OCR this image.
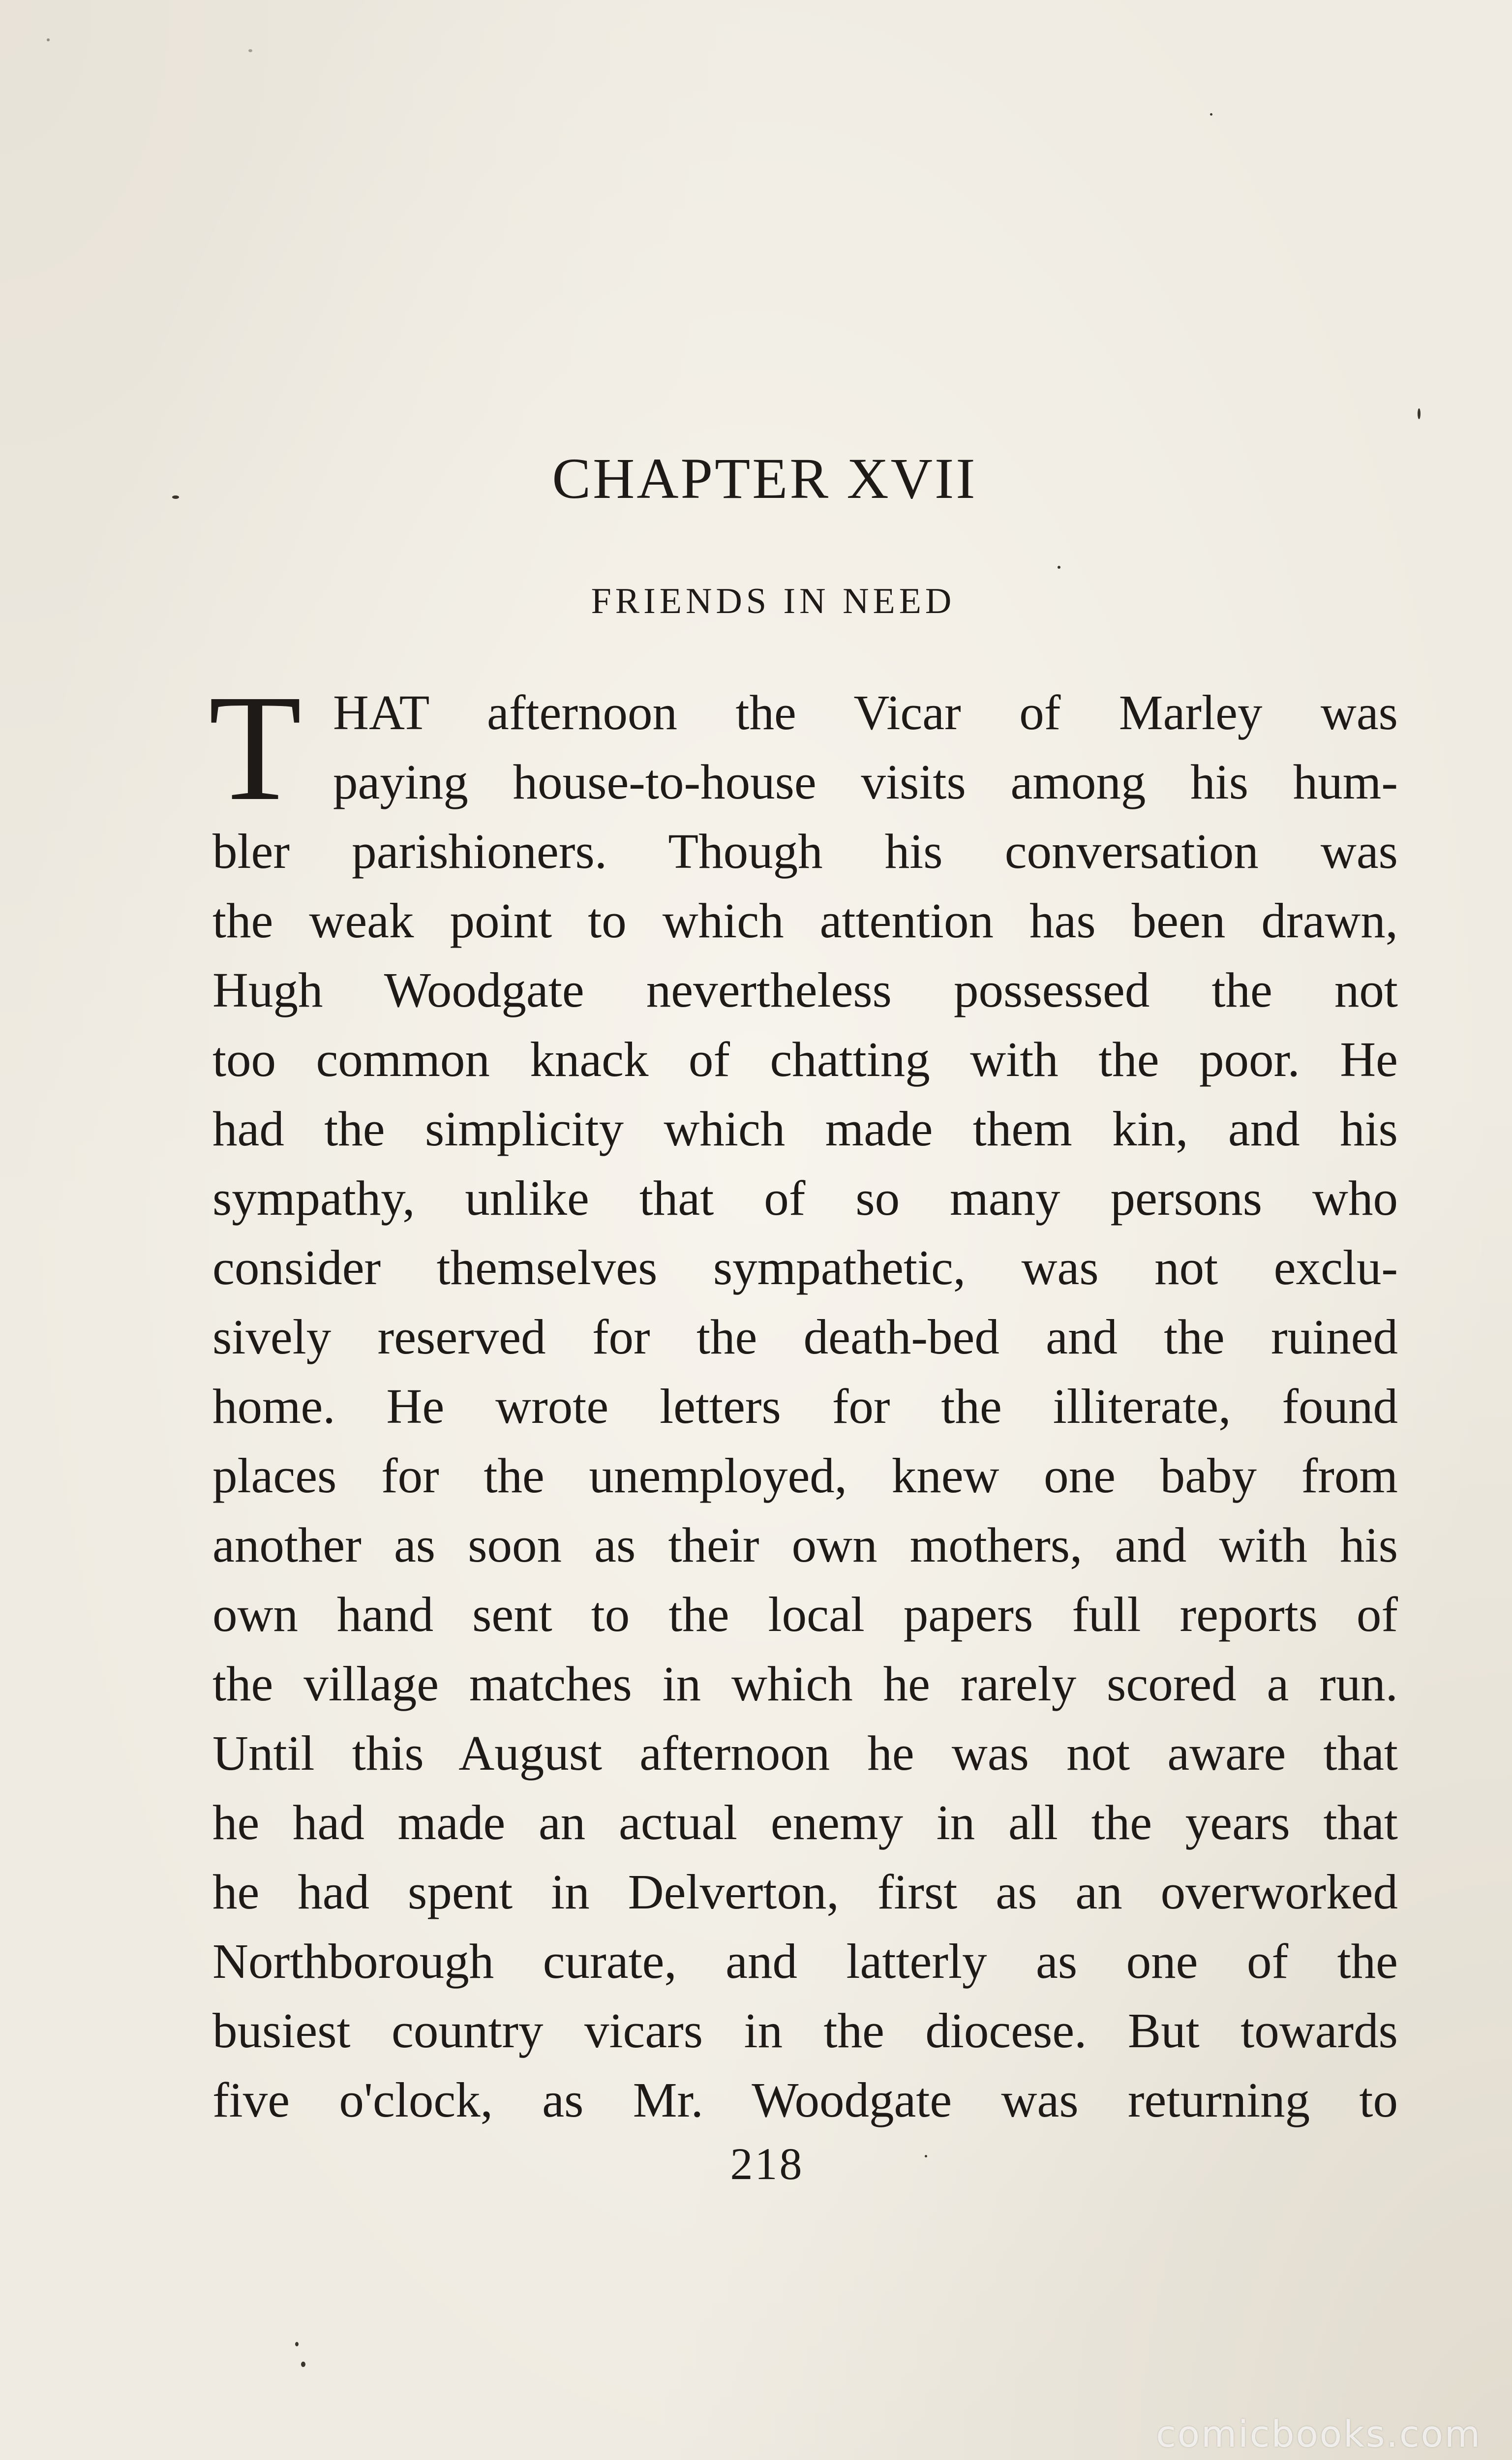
CHAPTER XVII
FRIENDS IN NEED
T HAT afternoon the Vicar of Marley was
paying house-to-house visits among his hum-
bler parishioners. Though his conversation was
the weak point to which attention has been drawn,
Hugh Woodgate nevertheless possessed the not
too common knack of chatting with the poor. He
had the simplicity which made them kin, and his
sympathy, unlike that of so many persons who
consider themselves sympathetic, was not exclu-
sively reserved for the death-bed and the ruined
home. He wrote letters for the illiterate, found
places for the unemployed, knew one baby from
another as soon as their own mothers, and with his
own hand sent to the local papers full reports of
the village matches in which he rarely scored a run.
Until this August afternoon he was not aware that
he had made an actual enemy in all the years that
he had spent in Delverton, first as an overworked
Northborough curate, and latterly as one of the
busiest country vicars in the diocese. But towards
five o'clock, as Mr. Woodgate was returning to
218
comicbooks.com
